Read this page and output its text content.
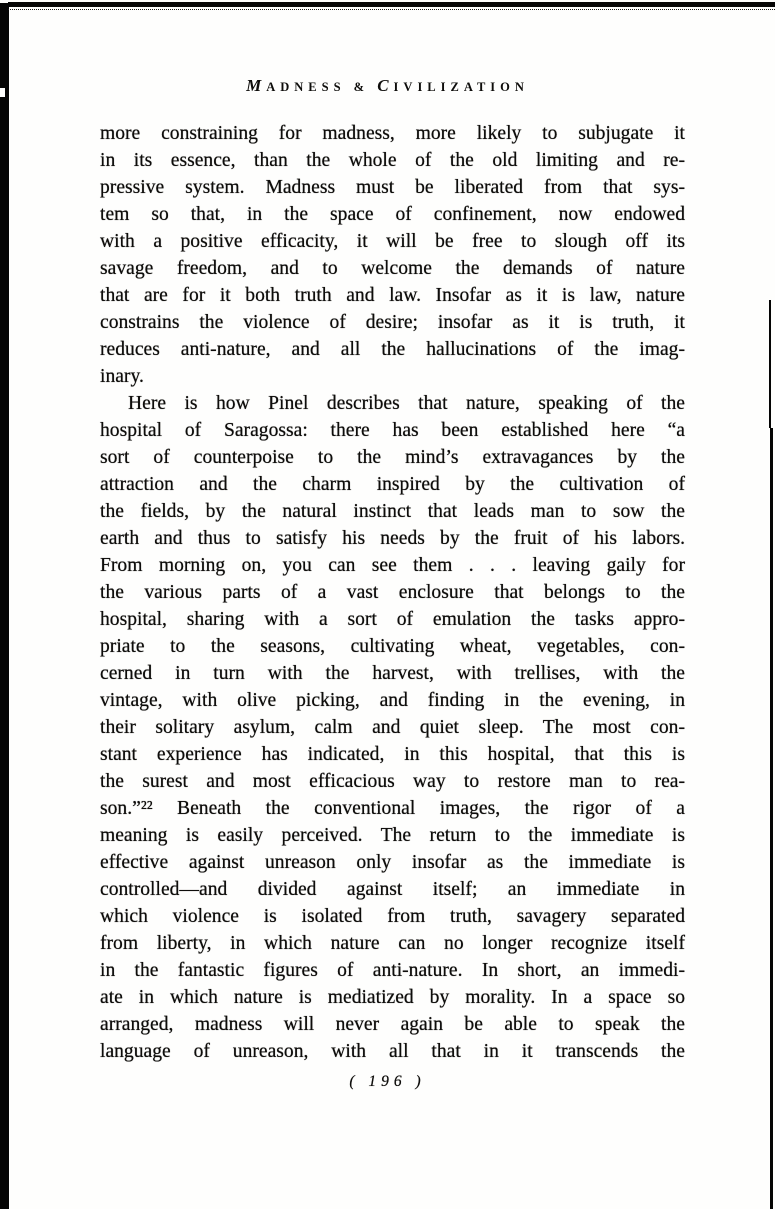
MADNESS & CIVILIZATION
more constraining for madness, more likely to subjugate it
in its essence, than the whole of the old limiting and re-
pressive system. Madness must be liberated from that sys-
tem so that, in the space of confinement, now endowed
with a positive efficacity, it will be free to slough off its
savage freedom, and to welcome the demands of nature
that are for it both truth and law. Insofar as it is law, nature
constrains the violence of desire; insofar as it is truth, it
reduces anti-nature, and all the hallucinations of the imag-
inary.
Here is how Pinel describes that nature, speaking of the
hospital of Saragossa: there has been established here “a
sort of counterpoise to the mind’s extravagances by the
attraction and the charm inspired by the cultivation of
the fields, by the natural instinct that leads man to sow the
earth and thus to satisfy his needs by the fruit of his labors.
From morning on, you can see them . . . leaving gaily for
the various parts of a vast enclosure that belongs to the
hospital, sharing with a sort of emulation the tasks appro-
priate to the seasons, cultivating wheat, vegetables, con-
cerned in turn with the harvest, with trellises, with the
vintage, with olive picking, and finding in the evening, in
their solitary asylum, calm and quiet sleep. The most con-
stant experience has indicated, in this hospital, that this is
the surest and most efficacious way to restore man to rea-
son.”²² Beneath the conventional images, the rigor of a
meaning is easily perceived. The return to the immediate is
effective against unreason only insofar as the immediate is
controlled—and divided against itself; an immediate in
which violence is isolated from truth, savagery separated
from liberty, in which nature can no longer recognize itself
in the fantastic figures of anti-nature. In short, an immedi-
ate in which nature is mediatized by morality. In a space so
arranged, madness will never again be able to speak the
language of unreason, with all that in it transcends the
( 196 )
